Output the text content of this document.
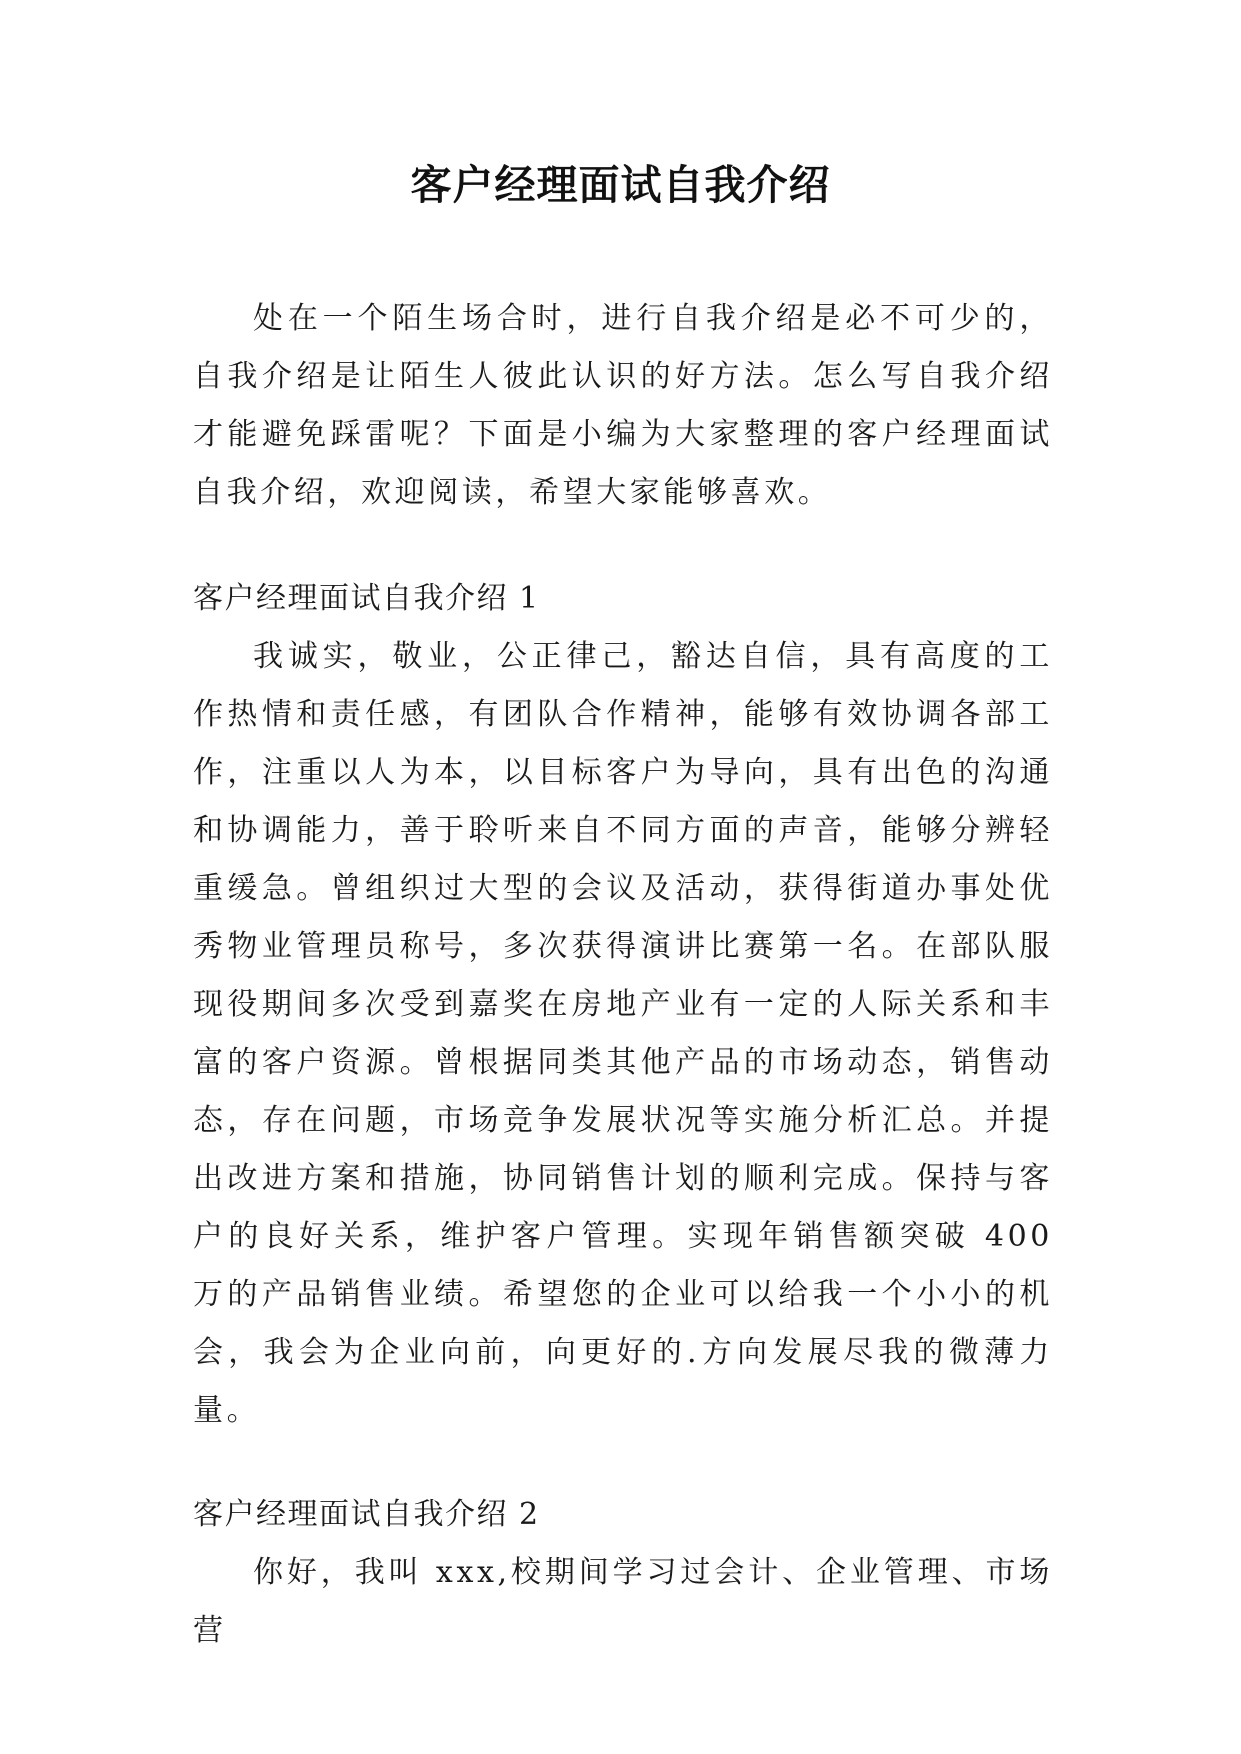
客户经理面试自我介绍
处在一个陌生场合时，进行自我介绍是必不可少的，自我介绍是让陌生人彼此认识的好方法。怎么写自我介绍才能避免踩雷呢？下面是小编为大家整理的客户经理面试自我介绍，欢迎阅读，希望大家能够喜欢。
客户经理面试自我介绍 1
我诚实，敬业，公正律己，豁达自信，具有高度的工作热情和责任感，有团队合作精神，能够有效协调各部工作，注重以人为本，以目标客户为导向，具有出色的沟通和协调能力，善于聆听来自不同方面的声音，能够分辨轻重缓急。曾组织过大型的会议及活动，获得街道办事处优秀物业管理员称号，多次获得演讲比赛第一名。在部队服现役期间多次受到嘉奖在房地产业有一定的人际关系和丰富的客户资源。曾根据同类其他产品的市场动态，销售动态，存在问题，市场竞争发展状况等实施分析汇总。并提出改进方案和措施，协同销售计划的顺利完成。保持与客户的良好关系，维护客户管理。实现年销售额突破 400 万的产品销售业绩。希望您的企业可以给我一个小小的机会，我会为企业向前，向更好的.方向发展尽我的微薄力量。
客户经理面试自我介绍 2
你好，我叫 xxx,校期间学习过会计、企业管理、市场营
